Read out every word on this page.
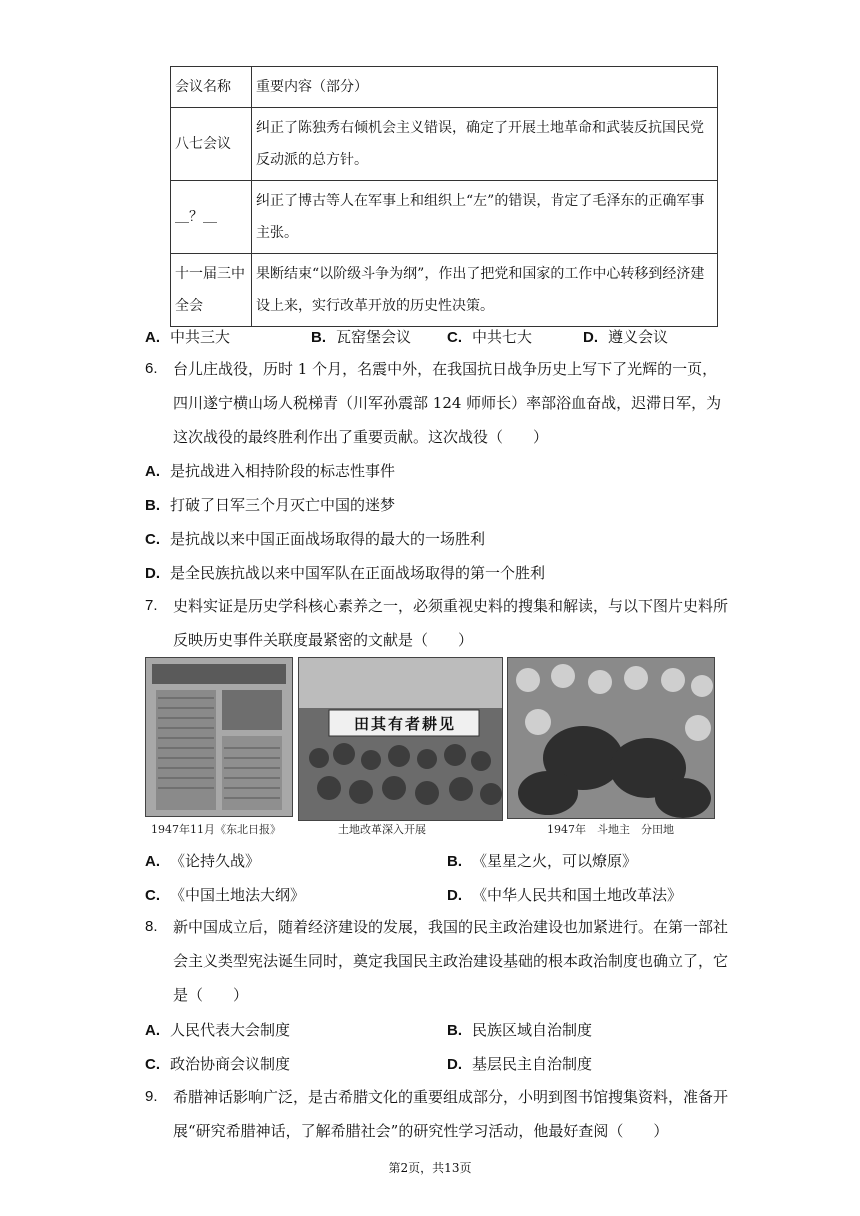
会议名称	重要内容（部分）
八七会议	纠正了陈独秀右倾机会主义错误，确定了开展土地革命和武装反抗国民党反动派的总方针。
＿？＿	纠正了博古等人在军事上和组织上“左”的错误，肯定了毛泽东的正确军事主张。
十一届三中全会	果断结束“以阶级斗争为纲”，作出了把党和国家的工作中心转移到经济建设上来，实行改革开放的历史性决策。
A. 中共三大	B. 瓦窑堡会议 C. 中共七大	D. 遵义会议
6. 台儿庄战役，历时 1 个月，名震中外，在我国抗日战争历史上写下了光辉的一页，四川遂宁横山场人税梯青（川军孙震部 124 师师长）率部浴血奋战，迟滞日军，为这次战役的最终胜利作出了重要贡献。这次战役（　　）
A. 是抗战进入相持阶段的标志性事件
B. 打破了日军三个月灭亡中国的迷梦
C. 是抗战以来中国正面战场取得的最大的一场胜利
D. 是全民族抗战以来中国军队在正面战场取得的第一个胜利
7. 史料实证是历史学科核心素养之一，必须重视史料的搜集和解读，与以下图片史料所反映历史事件关联度最紧密的文献是（　　）
田其有者耕见
1947年11月《东北日报》	土地改革深入开展	1947年　斗地主　分田地
A. 《论持久战》	B. 《星星之火，可以燎原》
C. 《中国土地法大纲》	D. 《中华人民共和国土地改革法》
8. 新中国成立后，随着经济建设的发展，我国的民主政治建设也加紧进行。在第一部社会主义类型宪法诞生同时，奠定我国民主政治建设基础的根本政治制度也确立了，它是（　　）
A. 人民代表大会制度	B. 民族区域自治制度
C. 政治协商会议制度	D. 基层民主自治制度
9. 希腊神话影响广泛，是古希腊文化的重要组成部分，小明到图书馆搜集资料，准备开展“研究希腊神话，了解希腊社会”的研究性学习活动，他最好查阅（　　）
第2页，共13页
